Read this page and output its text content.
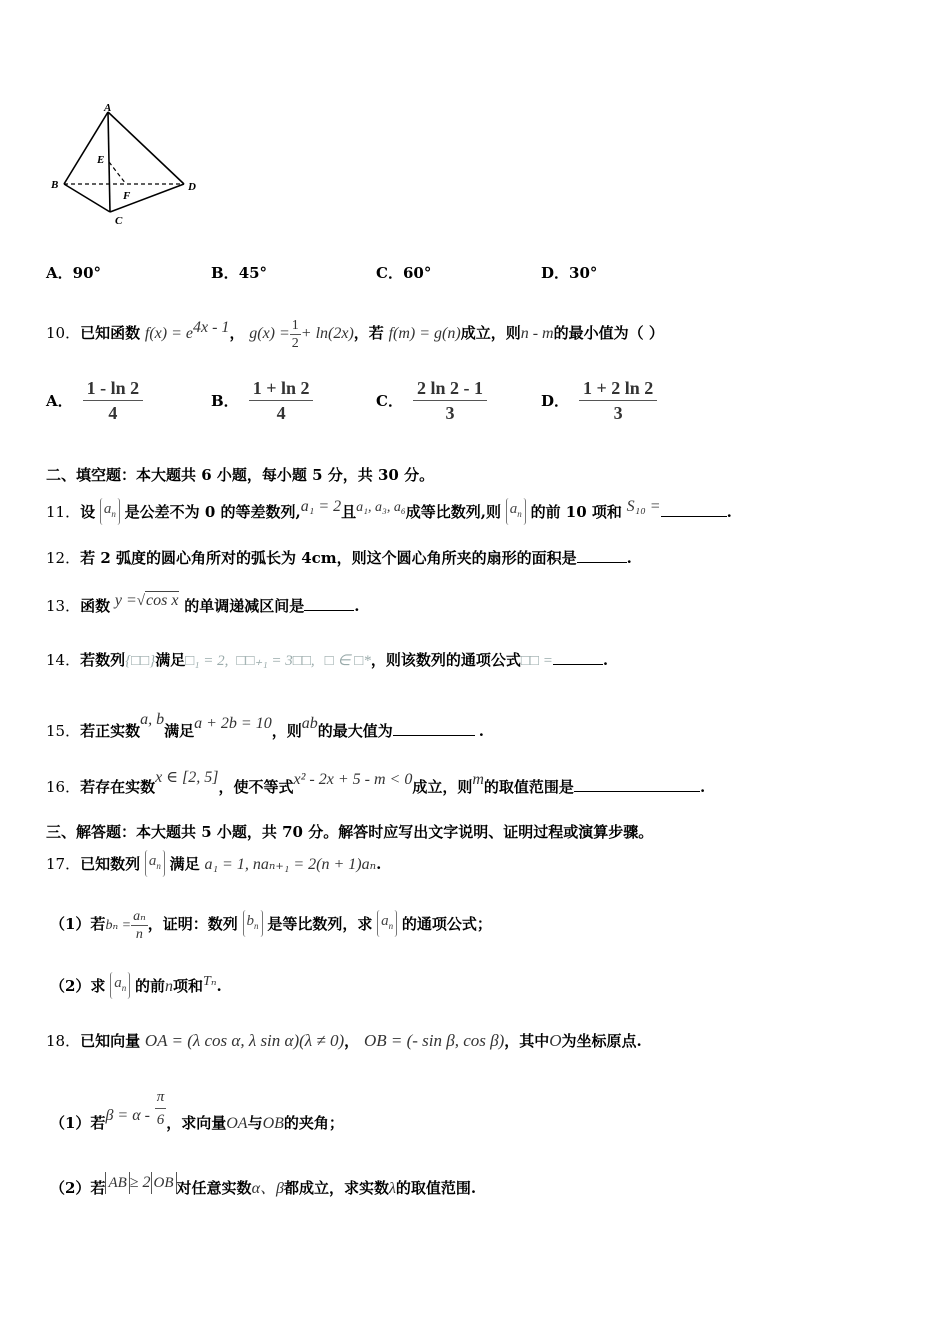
A
B
C
D
E
F
A．90°	B．45°	C．60°	D．30°
10．已知函数 $f(x) = e^{4x - 1}$， $g(x) = \frac{1}{2} + \ln(2x)$，若 f(m) = g(n)成立，则n - m的最小值为（ ）
A． $\frac{1 - \ln 2}{4}$	B． $\frac{1 + \ln 2}{4}$	C． $\frac{2 \ln 2 - 1}{3}$	D． $\frac{1 + 2 \ln 2}{3}$
二、填空题：本大题共 6 小题，每小题 5 分，共 30 分。
11．设 $a_n$ 是公差不为 0 的等差数列,a₁ = 2且a₁, a₃, a₆成等比数列,则 $a_n$ 的前 10 项和 S₁₀ =	.
12．若 2 弧度的圆心角所对的弧长为 4cm，则这个圆心角所夹的扇形的面积是	.
13．函数 y =√cos x 的单调递减区间是	.
14．若数列{□□}满足□₁ = 2, □□₊₁ = 3□□, □ ∈ □*，则该数列的通项公式□□ =	.
15．若正实数a, b满足a + 2b = 10，则ab的最大值为	.
16．若存在实数x ∈ [2, 5]，使不等式x² - 2x + 5 - m < 0成立，则m的取值范围是	.
三、解答题：本大题共 5 小题，共 70 分。解答时应写出文字说明、证明过程或演算步骤。
17．已知数列 $a_n$ 满足 a₁ = 1, naₙ₊₁ = 2(n + 1)aₙ.
（1）若$b_n = \frac{\text{aₙ}}{n}$ ，证明：数列 $b_n$ 是等比数列，求 $a_n$ 的通项公式；
（2）求 $a_n$ 的前n项和Tₙ.
18．已知向量 OA = (λ cos α, λ sin α)(λ ≠ 0)， OB = (- sin β, cos β)，其中O为坐标原点.
（1）若$\beta = \alpha - \frac{\pi}{6}$ ，求向量OA与OB的夹角；
（2）若 AB ≥ 2 OB 对任意实数α、β都成立，求实数λ的取值范围.
